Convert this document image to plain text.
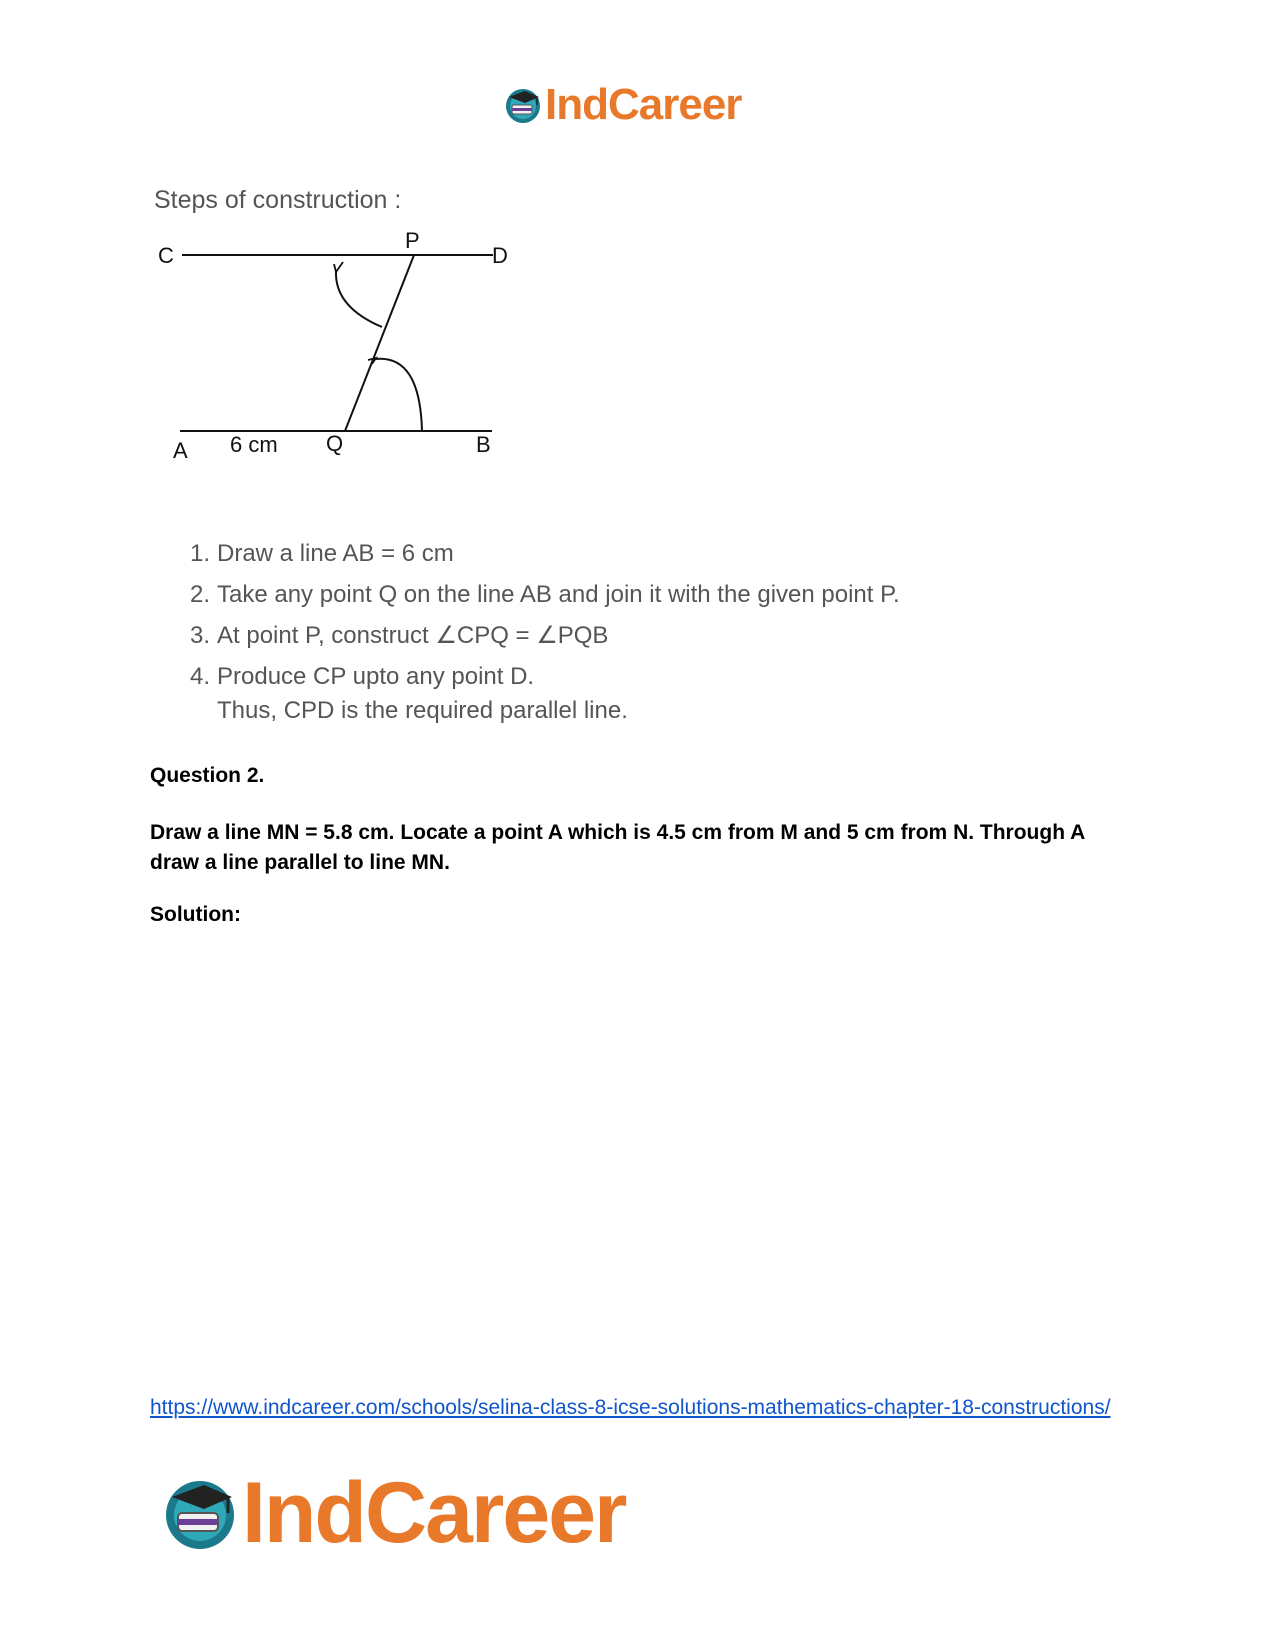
IndCareer
Steps of construction :
C	D
P
A 6 cm Q	B
1. Draw a line AB = 6 cm
2. Take any point Q on the line AB and join it with the given point P.
3. At point P, construct ∠CPQ = ∠PQB
4. Produce CP upto any point D.
Thus, CPD is the required parallel line.
Question 2.
Draw a line MN = 5.8 cm. Locate a point A which is 4.5 cm from M and 5 cm from N. Through A draw a line parallel to line MN.
Solution:
https://www.indcareer.com/schools/selina-class-8-icse-solutions-mathematics-chapter-18-constructions/
IndCareer
